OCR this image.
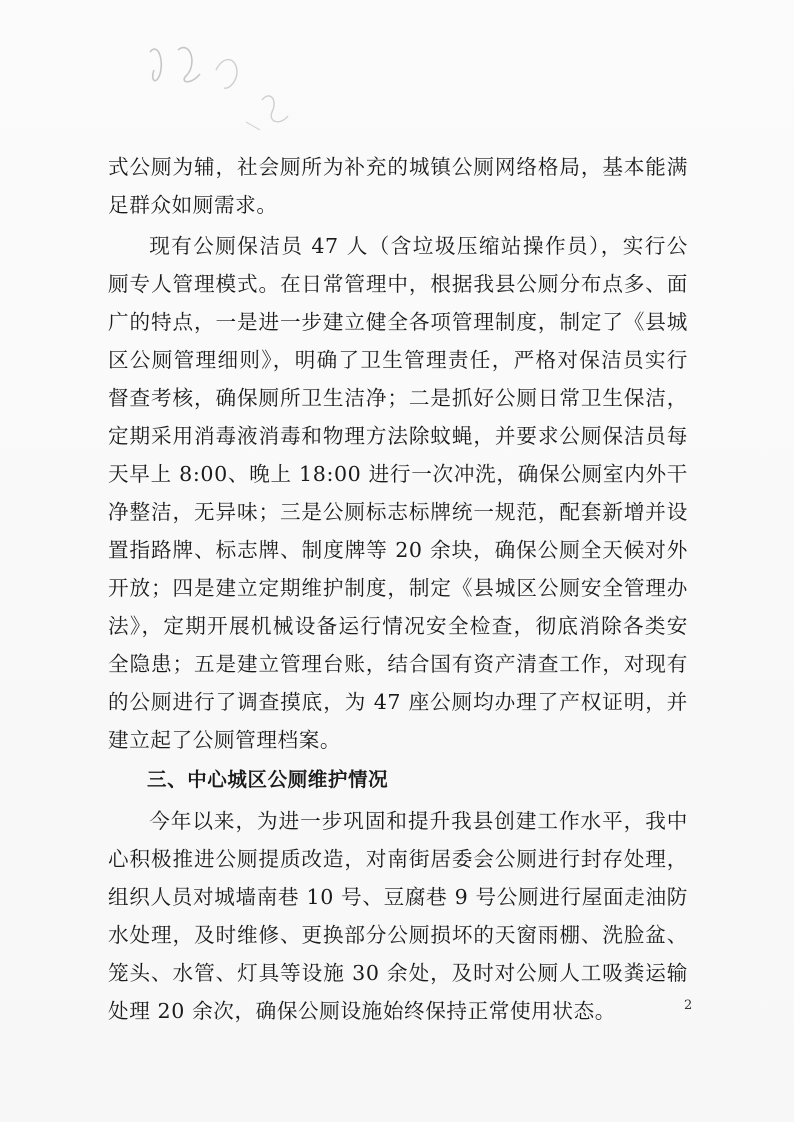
式公厕为辅，社会厕所为补充的城镇公厕网络格局，基本能满足群众如厕需求。

现有公厕保洁员 47 人（含垃圾压缩站操作员），实行公厕专人管理模式。在日常管理中，根据我县公厕分布点多、面广的特点，一是进一步建立健全各项管理制度，制定了《县城区公厕管理细则》，明确了卫生管理责任，严格对保洁员实行督查考核，确保厕所卫生洁净；二是抓好公厕日常卫生保洁，定期采用消毒液消毒和物理方法除蚊蝇，并要求公厕保洁员每天早上 8:00、晚上 18:00 进行一次冲洗，确保公厕室内外干净整洁，无异味；三是公厕标志标牌统一规范，配套新增并设置指路牌、标志牌、制度牌等 20 余块，确保公厕全天候对外开放；四是建立定期维护制度，制定《县城区公厕安全管理办法》，定期开展机械设备运行情况安全检查，彻底消除各类安全隐患；五是建立管理台账，结合国有资产清查工作，对现有的公厕进行了调查摸底，为 47 座公厕均办理了产权证明，并建立起了公厕管理档案。

三、中心城区公厕维护情况

今年以来，为进一步巩固和提升我县创建工作水平，我中心积极推进公厕提质改造，对南街居委会公厕进行封存处理，组织人员对城墙南巷 10 号、豆腐巷 9 号公厕进行屋面走油防水处理，及时维修、更换部分公厕损坏的天窗雨棚、洗脸盆、笼头、水管、灯具等设施 30 余处，及时对公厕人工吸粪运输处理 20 余次，确保公厕设施始终保持正常使用状态。	2
